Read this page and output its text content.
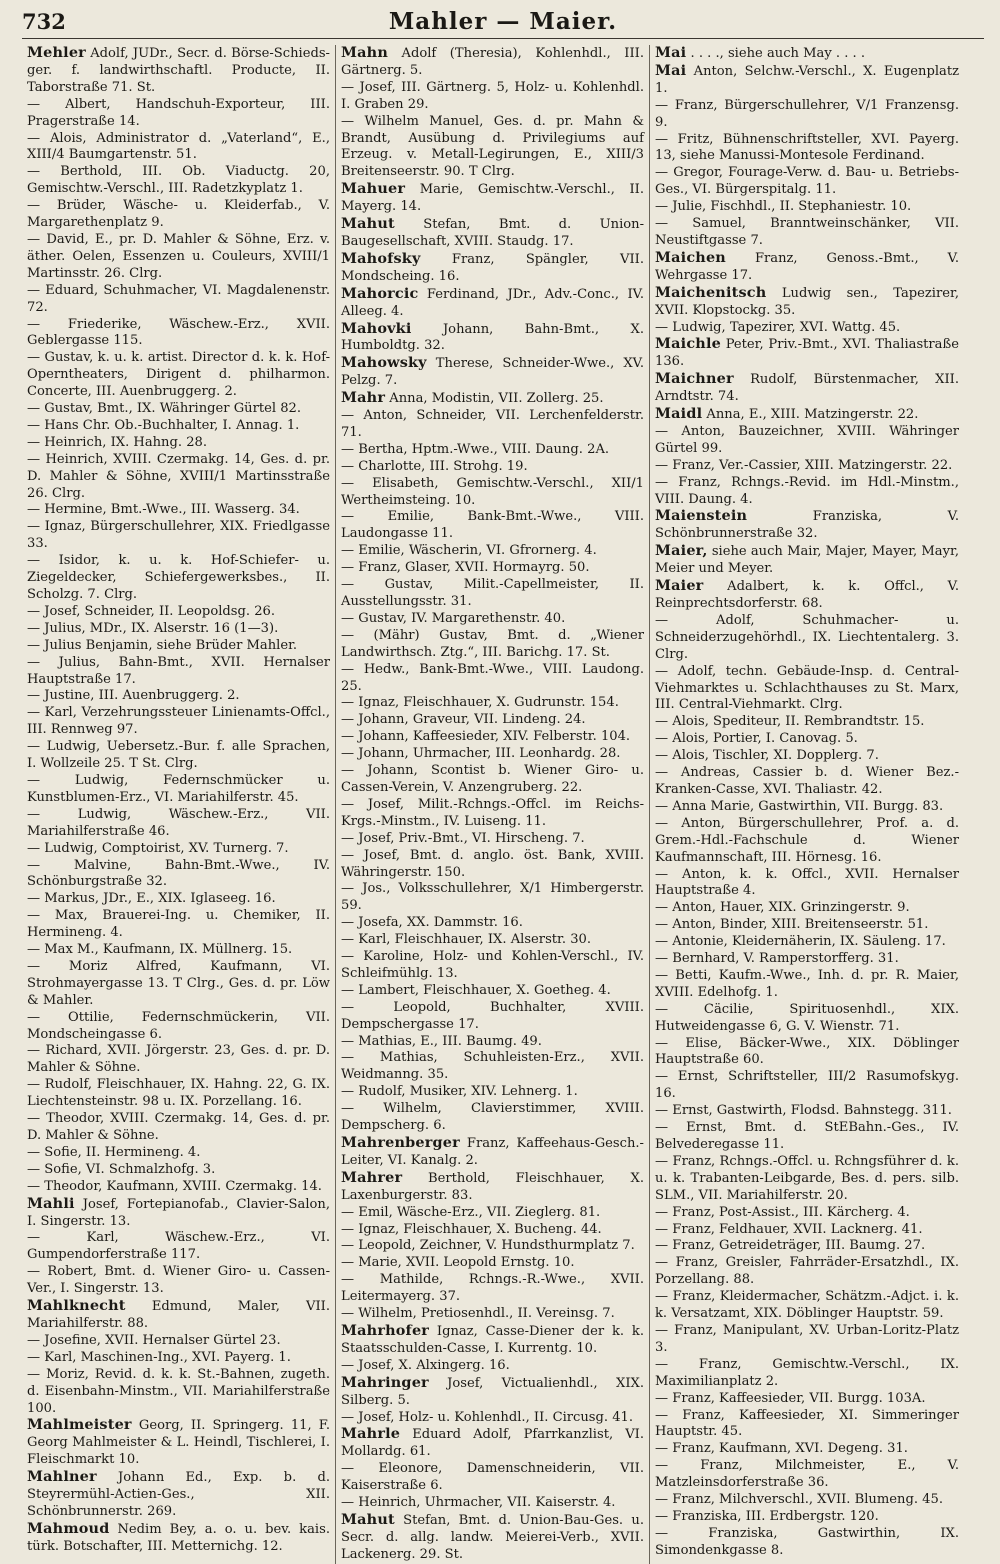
732	Mahler — Maier.

Mehler Adolf, JUDr., Secr. d. Börse-Schieds-ger. f. landwirthschaftl. Producte, II. Taborstraße 71. St.

— Albert, Handschuh-Exporteur, III. Pragerstraße 14.

— Alois, Administrator d. „Vaterland“, E., XIII/4 Baumgartenstr. 51.

— Berthold, III. Ob. Viaductg. 20, Gemischtw.-Verschl., III. Radetzkyplatz 1.

— Brüder, Wäsche- u. Kleiderfab., V. Margarethenplatz 9.

— David, E., pr. D. Mahler & Söhne, Erz. v. äther. Oelen, Essenzen u. Couleurs, XVIII/1 Martinsstr. 26. Clrg.

— Eduard, Schuhmacher, VI. Magdalenenstr. 72.

— Friederike, Wäschew.-Erz., XVII. Geblergasse 115.

— Gustav, k. u. k. artist. Director d. k. k. Hof-Operntheaters, Dirigent d. philharmon. Concerte, III. Auenbruggerg. 2.

— Gustav, Bmt., IX. Währinger Gürtel 82.

— Hans Chr. Ob.-Buchhalter, I. Annag. 1.

— Heinrich, IX. Hahng. 28.

— Heinrich, XVIII. Czermakg. 14, Ges. d. pr. D. Mahler & Söhne, XVIII/1 Martinsstraße 26. Clrg.

— Hermine, Bmt.-Wwe., III. Wasserg. 34.

— Ignaz, Bürgerschullehrer, XIX. Friedlgasse 33.

— Isidor, k. u. k. Hof-Schiefer- u. Ziegeldecker, Schiefergewerksbes., II. Scholzg. 7. Clrg.

— Josef, Schneider, II. Leopoldsg. 26.

— Julius, MDr., IX. Alserstr. 16 (1—3).

— Julius Benjamin, siehe Brüder Mahler.

— Julius, Bahn-Bmt., XVII. Hernalser Hauptstraße 17.

— Justine, III. Auenbruggerg. 2.

— Karl, Verzehrungssteuer Linienamts-Offcl., III. Rennweg 97.

— Ludwig, Uebersetz.-Bur. f. alle Sprachen, I. Wollzeile 25. T St. Clrg.

— Ludwig, Federnschmücker u. Kunstblumen-Erz., VI. Mariahilferstr. 45.

— Ludwig, Wäschew.-Erz., VII. Mariahilferstraße 46.

— Ludwig, Comptoirist, XV. Turnerg. 7.

— Malvine, Bahn-Bmt.-Wwe., IV. Schönburgstraße 32.

— Markus, JDr., E., XIX. Iglaseeg. 16.

— Max, Brauerei-Ing. u. Chemiker, II. Hermineng. 4.

— Max M., Kaufmann, IX. Müllnerg. 15.

— Moriz Alfred, Kaufmann, VI. Strohmayergasse 13. T Clrg., Ges. d. pr. Löw & Mahler.

— Ottilie, Federnschmückerin, VII. Mondscheingasse 6.

— Richard, XVII. Jörgerstr. 23, Ges. d. pr. D. Mahler & Söhne.

— Rudolf, Fleischhauer, IX. Hahng. 22, G. IX. Liechtensteinstr. 98 u. IX. Porzellang. 16.

— Theodor, XVIII. Czermakg. 14, Ges. d. pr. D. Mahler & Söhne.

— Sofie, II. Hermineng. 4.

— Sofie, VI. Schmalzhofg. 3.

— Theodor, Kaufmann, XVIII. Czermakg. 14.

Mahli Josef, Fortepianofab., Clavier-Salon, I. Singerstr. 13.

— Karl, Wäschew.-Erz., VI. Gumpendorferstraße 117.

— Robert, Bmt. d. Wiener Giro- u. Cassen-Ver., I. Singerstr. 13.

Mahlknecht Edmund, Maler, VII. Mariahilferstr. 88.

— Josefine, XVII. Hernalser Gürtel 23.

— Karl, Maschinen-Ing., XVI. Payerg. 1.

— Moriz, Revid. d. k. k. St.-Bahnen, zugeth. d. Eisenbahn-Minstm., VII. Mariahilferstraße 100.

Mahlmeister Georg, II. Springerg. 11, F. Georg Mahlmeister & L. Heindl, Tischlerei, I. Fleischmarkt 10.

Mahlner Johann Ed., Exp. b. d. Steyrermühl-Actien-Ges., XII. Schönbrunnerstr. 269.

Mahmoud Nedim Bey, a. o. u. bev. kais. türk. Botschafter, III. Metternichg. 12.

Mahn Adolf (Theresia), Kohlenhdl., III. Gärtnerg. 5.

— Josef, III. Gärtnerg. 5, Holz- u. Kohlenhdl. I. Graben 29.

— Wilhelm Manuel, Ges. d. pr. Mahn & Brandt, Ausübung d. Privilegiums auf Erzeug. v. Metall-Legirungen, E., XIII/3 Breitenseerstr. 90. T Clrg.

Mahuer Marie, Gemischtw.-Verschl., II. Mayerg. 14.

Mahut Stefan, Bmt. d. Union-Baugesellschaft, XVIII. Staudg. 17.

Mahofsky Franz, Spängler, VII. Mondscheing. 16.

Mahorcic Ferdinand, JDr., Adv.-Conc., IV. Alleeg. 4.

Mahovki Johann, Bahn-Bmt., X. Humboldtg. 32.

Mahowsky Therese, Schneider-Wwe., XV. Pelzg. 7.

Mahr Anna, Modistin, VII. Zollerg. 25.

— Anton, Schneider, VII. Lerchenfelderstr. 71.

— Bertha, Hptm.-Wwe., VIII. Daung. 2A.

— Charlotte, III. Strohg. 19.

— Elisabeth, Gemischtw.-Verschl., XII/1 Wertheimsteing. 10.

— Emilie, Bank-Bmt.-Wwe., VIII. Laudongasse 11.

— Emilie, Wäscherin, VI. Gfrornerg. 4.

— Franz, Glaser, XVII. Hormayrg. 50.

— Gustav, Milit.-Capellmeister, II. Ausstellungsstr. 31.

— Gustav, IV. Margarethenstr. 40.

— (Mähr) Gustav, Bmt. d. „Wiener Landwirthsch. Ztg.“, III. Barichg. 17. St.

— Hedw., Bank-Bmt.-Wwe., VIII. Laudong. 25.

— Ignaz, Fleischhauer, X. Gudrunstr. 154.

— Johann, Graveur, VII. Lindeng. 24.

— Johann, Kaffeesieder, XIV. Felberstr. 104.

— Johann, Uhrmacher, III. Leonhardg. 28.

— Johann, Scontist b. Wiener Giro- u. Cassen-Verein, V. Anzengruberg. 22.

— Josef, Milit.-Rchngs.-Offcl. im Reichs-Krgs.-Minstm., IV. Luiseng. 11.

— Josef, Priv.-Bmt., VI. Hirscheng. 7.

— Josef, Bmt. d. anglo. öst. Bank, XVIII. Währingerstr. 150.

— Jos., Volksschullehrer, X/1 Himbergerstr. 59.

— Josefa, XX. Dammstr. 16.

— Karl, Fleischhauer, IX. Alserstr. 30.

— Karoline, Holz- und Kohlen-Verschl., IV. Schleifmühlg. 13.

— Lambert, Fleischhauer, X. Goetheg. 4.

— Leopold, Buchhalter, XVIII. Dempschergasse 17.

— Mathias, E., III. Baumg. 49.

— Mathias, Schuhleisten-Erz., XVII. Weidmanng. 35.

— Rudolf, Musiker, XIV. Lehnerg. 1.

— Wilhelm, Clavierstimmer, XVIII. Dempscherg. 6.

Mahrenberger Franz, Kaffeehaus-Gesch.-Leiter, VI. Kanalg. 2.

Mahrer Berthold, Fleischhauer, X. Laxenburgerstr. 83.

— Emil, Wäsche-Erz., VII. Zieglerg. 81.

— Ignaz, Fleischhauer, X. Bucheng. 44.

— Leopold, Zeichner, V. Hundsthurmplatz 7.

— Marie, XVII. Leopold Ernstg. 10.

— Mathilde, Rchngs.-R.-Wwe., XVII. Leitermayerg. 37.

— Wilhelm, Pretiosenhdl., II. Vereinsg. 7.

Mahrhofer Ignaz, Casse-Diener der k. k. Staatsschulden-Casse, I. Kurrentg. 10.

— Josef, X. Alxingerg. 16.

Mahringer Josef, Victualienhdl., XIX. Silberg. 5.

— Josef, Holz- u. Kohlenhdl., II. Circusg. 41.

Mahrle Eduard Adolf, Pfarrkanzlist, VI. Mollardg. 61.

— Eleonore, Damenschneiderin, VII. Kaiserstraße 6.

— Heinrich, Uhrmacher, VII. Kaiserstr. 4.

Mahut Stefan, Bmt. d. Union-Bau-Ges. u. Secr. d. allg. landw. Meierei-Verb., XVII. Lackenerg. 29. St.

Mai . . . ., siehe auch May . . . .

Mai Anton, Selchw.-Verschl., X. Eugenplatz 1.

— Franz, Bürgerschullehrer, V/1 Franzensg. 9.

— Fritz, Bühnenschriftsteller, XVI. Payerg. 13, siehe Manussi-Montesole Ferdinand.

— Gregor, Fourage-Verw. d. Bau- u. Betriebs-Ges., VI. Bürgerspitalg. 11.

— Julie, Fischhdl., II. Stephaniestr. 10.

— Samuel, Branntweinschänker, VII. Neustiftgasse 7.

Maichen Franz, Genoss.-Bmt., V. Wehrgasse 17.

Maichenitsch Ludwig sen., Tapezirer, XVII. Klopstockg. 35.

— Ludwig, Tapezirer, XVI. Wattg. 45.

Maichle Peter, Priv.-Bmt., XVI. Thaliastraße 136.

Maichner Rudolf, Bürstenmacher, XII. Arndtstr. 74.

Maidl Anna, E., XIII. Matzingerstr. 22.

— Anton, Bauzeichner, XVIII. Währinger Gürtel 99.

— Franz, Ver.-Cassier, XIII. Matzingerstr. 22.

— Franz, Rchngs.-Revid. im Hdl.-Minstm., VIII. Daung. 4.

Maienstein	Franziska, V. Schönbrunnerstraße 32.

Maier, siehe auch Mair, Majer, Mayer, Mayr, Meier und Meyer.

Maier Adalbert, k. k. Offcl., V. Reinprechtsdorferstr. 68.

— Adolf, Schuhmacher- u. Schneiderzugehörhdl., IX. Liechtentalerg. 3. Clrg.

— Adolf, techn. Gebäude-Insp. d. Central-Viehmarktes u. Schlachthauses zu St. Marx, III. Central-Viehmarkt. Clrg.

— Alois, Spediteur, II. Rembrandtstr. 15.

— Alois, Portier, I. Canovag. 5.

— Alois, Tischler, XI. Dopplerg. 7.

— Andreas, Cassier b. d. Wiener Bez.-Kranken-Casse, XVI. Thaliastr. 42.

— Anna Marie, Gastwirthin, VII. Burgg. 83.

— Anton, Bürgerschullehrer, Prof. a. d. Grem.-Hdl.-Fachschule d. Wiener Kaufmannschaft, III. Hörnesg. 16.

— Anton, k. k. Offcl., XVII. Hernalser Hauptstraße 4.

— Anton, Hauer, XIX. Grinzingerstr. 9.

— Anton, Binder, XIII. Breitenseerstr. 51.

— Antonie, Kleidernäherin, IX. Säuleng. 17.

— Bernhard, V. Ramperstorfferg. 31.

— Betti, Kaufm.-Wwe., Inh. d. pr. R. Maier, XVIII. Edelhofg. 1.

— Cäcilie, Spirituosenhdl., XIX. Hutweidengasse 6, G. V. Wienstr. 71.

— Elise, Bäcker-Wwe., XIX. Döblinger Hauptstraße 60.

— Ernst, Schriftsteller, III/2 Rasumofskyg. 16.

— Ernst, Gastwirth, Flodsd. Bahnstegg. 311.

— Ernst, Bmt. d. StEBahn.-Ges., IV. Belvederegasse 11.

— Franz, Rchngs.-Offcl. u. Rchngsführer d. k. u. k. Trabanten-Leibgarde, Bes. d. pers. silb. SLM., VII. Mariahilferstr. 20.

— Franz, Post-Assist., III. Kärcherg. 4.

— Franz, Feldhauer, XVII. Lacknerg. 41.

— Franz, Getreideträger, III. Baumg. 27.

— Franz, Greisler, Fahrräder-Ersatzhdl., IX. Porzellang. 88.

— Franz, Kleidermacher, Schätzm.-Adjct. i. k. k. Versatzamt, XIX. Döblinger Hauptstr. 59.

— Franz, Manipulant, XV. Urban-Loritz-Platz 3.

— Franz, Gemischtw.-Verschl., IX. Maximilianplatz 2.

— Franz, Kaffeesieder, VII. Burgg. 103A.

— Franz, Kaffeesieder, XI. Simmeringer Hauptstr. 45.

— Franz, Kaufmann, XVI. Degeng. 31.

— Franz, Milchmeister, E., V. Matzleinsdorferstraße 36.

— Franz, Milchverschl., XVII. Blumeng. 45.

— Franziska, III. Erdbergstr. 120.

— Franziska, Gastwirthin, IX. Simondenkgasse 8.
